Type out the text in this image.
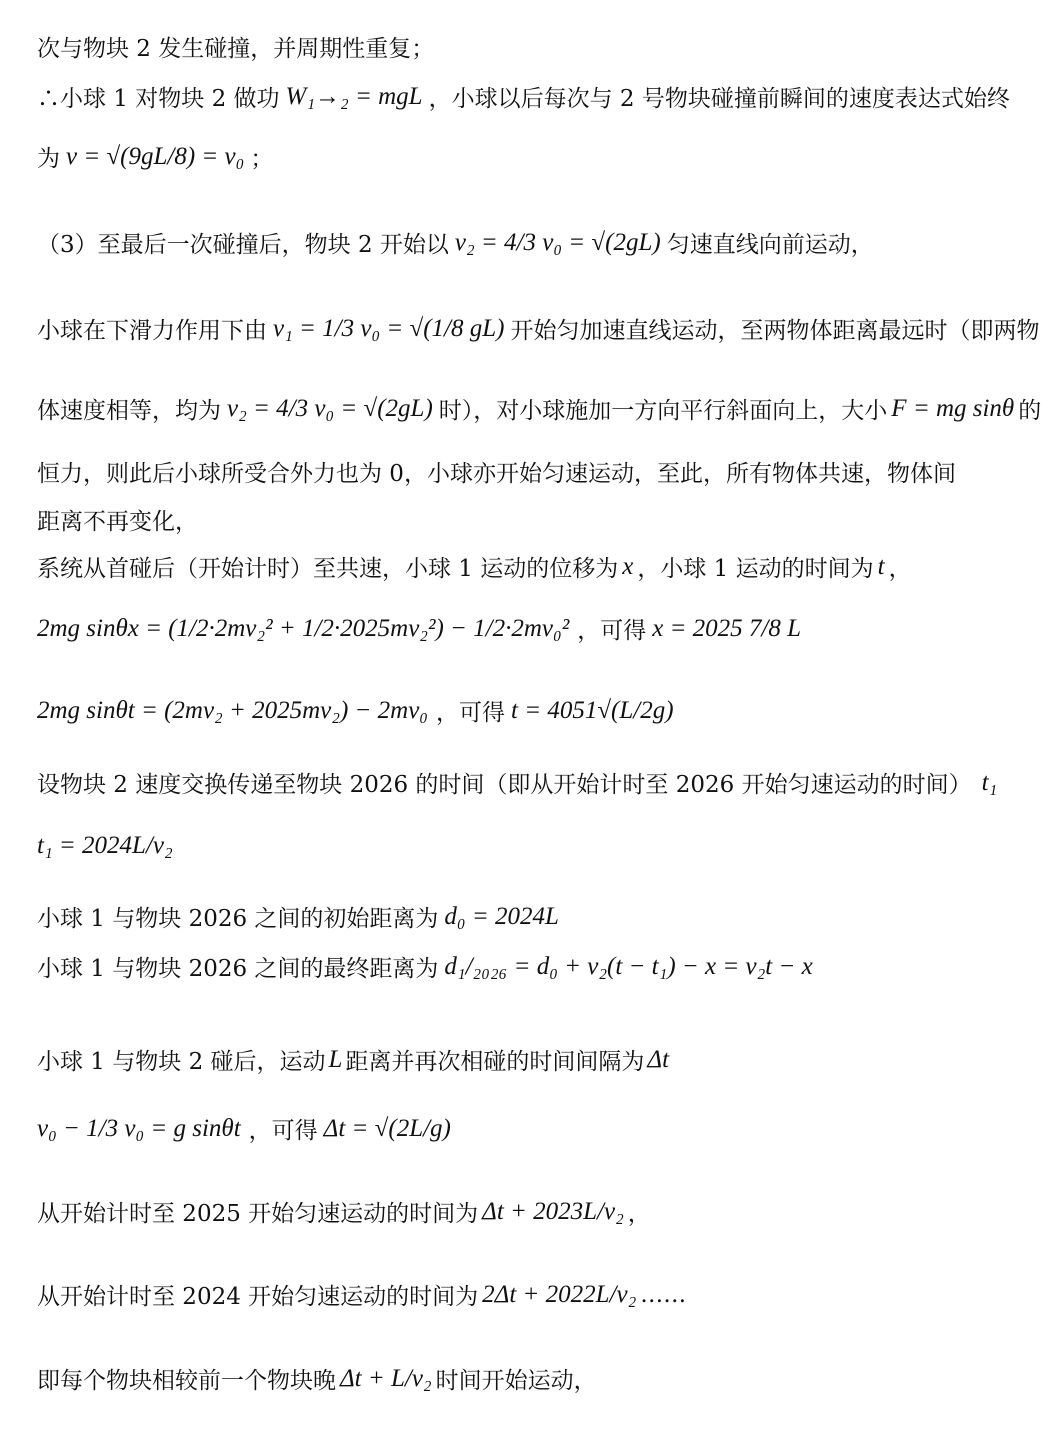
次与物块 2 发生碰撞，并周期性重复；
∴小球 1 对物块 2 做功 W₁→₂ = mgL ，小球以后每次与 2 号物块碰撞前瞬间的速度表达式始终
为 v = √(9gL/8) = v₀ ；
（3）至最后一次碰撞后，物块 2 开始以 v₂ = 4/3 v₀ = √(2gL) 匀速直线向前运动，
小球在下滑力作用下由 v₁ = 1/3 v₀ = √(1/8 gL) 开始匀加速直线运动，至两物体距离最远时（即两物
体速度相等，均为 v₂ = 4/3 v₀ = √(2gL) 时），对小球施加一方向平行斜面向上，大小 F = mg sinθ 的
恒力，则此后小球所受合外力也为 0，小球亦开始匀速运动，至此，所有物体共速，物体间
距离不再变化，
系统从首碰后（开始计时）至共速，小球 1 运动的位移为 x ，小球 1 运动的时间为 t ，
2mg sinθx = (1/2·2mv₂² + 1/2·2025mv₂²) − 1/2·2mv₀² ，可得 x = 2025 7/8 L
2mg sinθt = (2mv₂ + 2025mv₂) − 2mv₀ ，可得 t = 4051√(L/2g)
设物块 2 速度交换传递至物块 2026 的时间（即从开始计时至 2026 开始匀速运动的时间） t₁
t₁ = 2024L/v₂
小球 1 与物块 2026 之间的初始距离为 d₀ = 2024L
小球 1 与物块 2026 之间的最终距离为 d₁/₂₀₂₆ = d₀ + v₂(t − t₁) − x = v₂t − x
小球 1 与物块 2 碰后，运动 L 距离并再次相碰的时间间隔为 Δt
v₀ − 1/3 v₀ = g sinθt ，可得 Δt = √(2L/g)
从开始计时至 2025 开始匀速运动的时间为 Δt + 2023L/v₂ ，
从开始计时至 2024 开始匀速运动的时间为 2Δt + 2022L/v₂ ……
即每个物块相较前一个物块晚 Δt + L/v₂ 时间开始运动，
